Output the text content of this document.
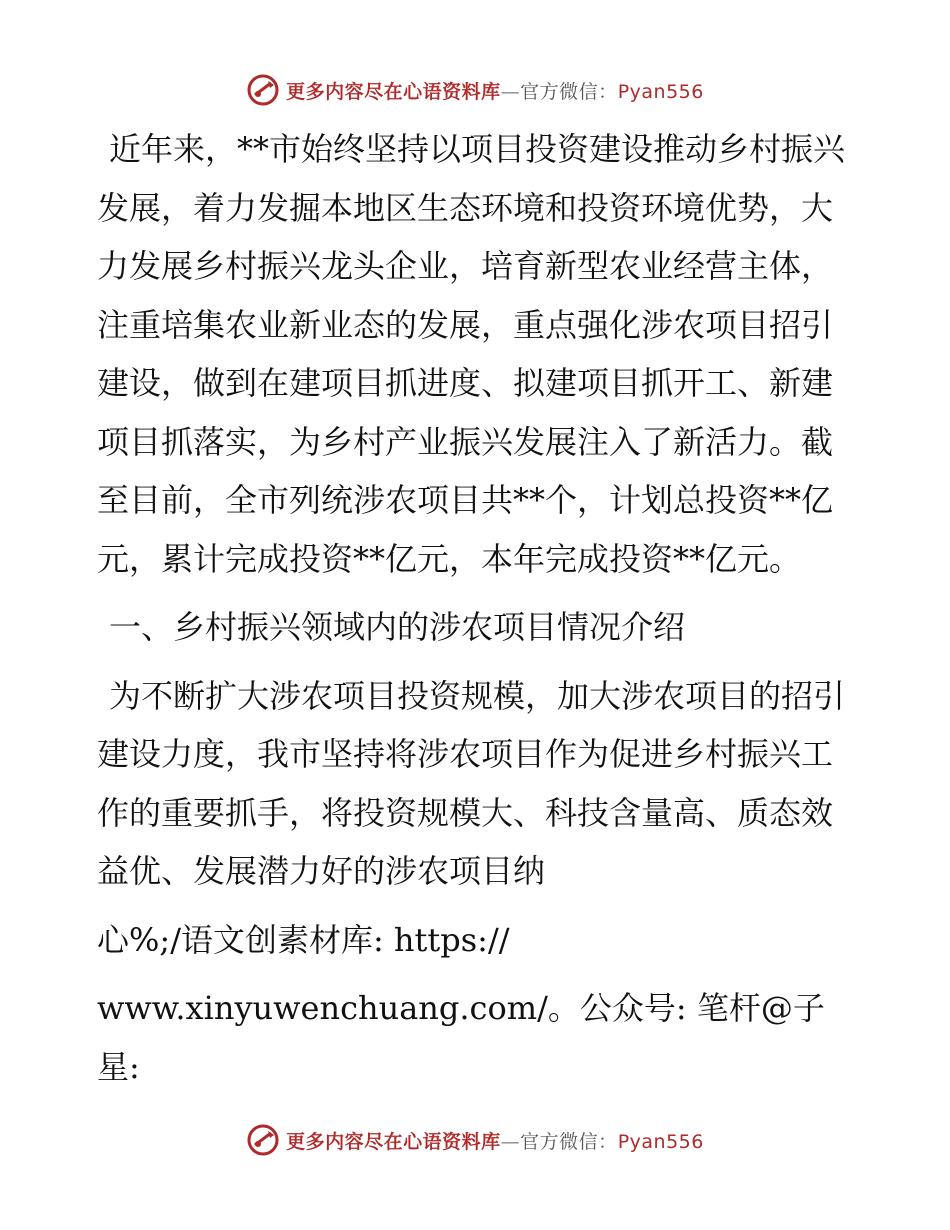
更多内容尽在心语资料库—官方微信：Pyan556

近年来，**市始终坚持以项目投资建设推动乡村振兴发展，着力发掘本地区生态环境和投资环境优势，大力发展乡村振兴龙头企业，培育新型农业经营主体，注重培集农业新业态的发展，重点强化涉农项目招引建设，做到在建项目抓进度、拟建项目抓开工、新建项目抓落实，为乡村产业振兴发展注入了新活力。截至目前，全市列统涉农项目共**个，计划总投资**亿元，累计完成投资**亿元，本年完成投资**亿元。

一、乡村振兴领域内的涉农项目情况介绍

为不断扩大涉农项目投资规模，加大涉农项目的招引建设力度，我市坚持将涉农项目作为促进乡村振兴工作的重要抓手，将投资规模大、科技含量高、质态效益优、发展潜力好的涉农项目纳

心%;/语文创素材库: https://

www.xinyuwenchuang.com/。公众号: 笔杆@子星:

更多内容尽在心语资料库—官方微信：Pyan556
